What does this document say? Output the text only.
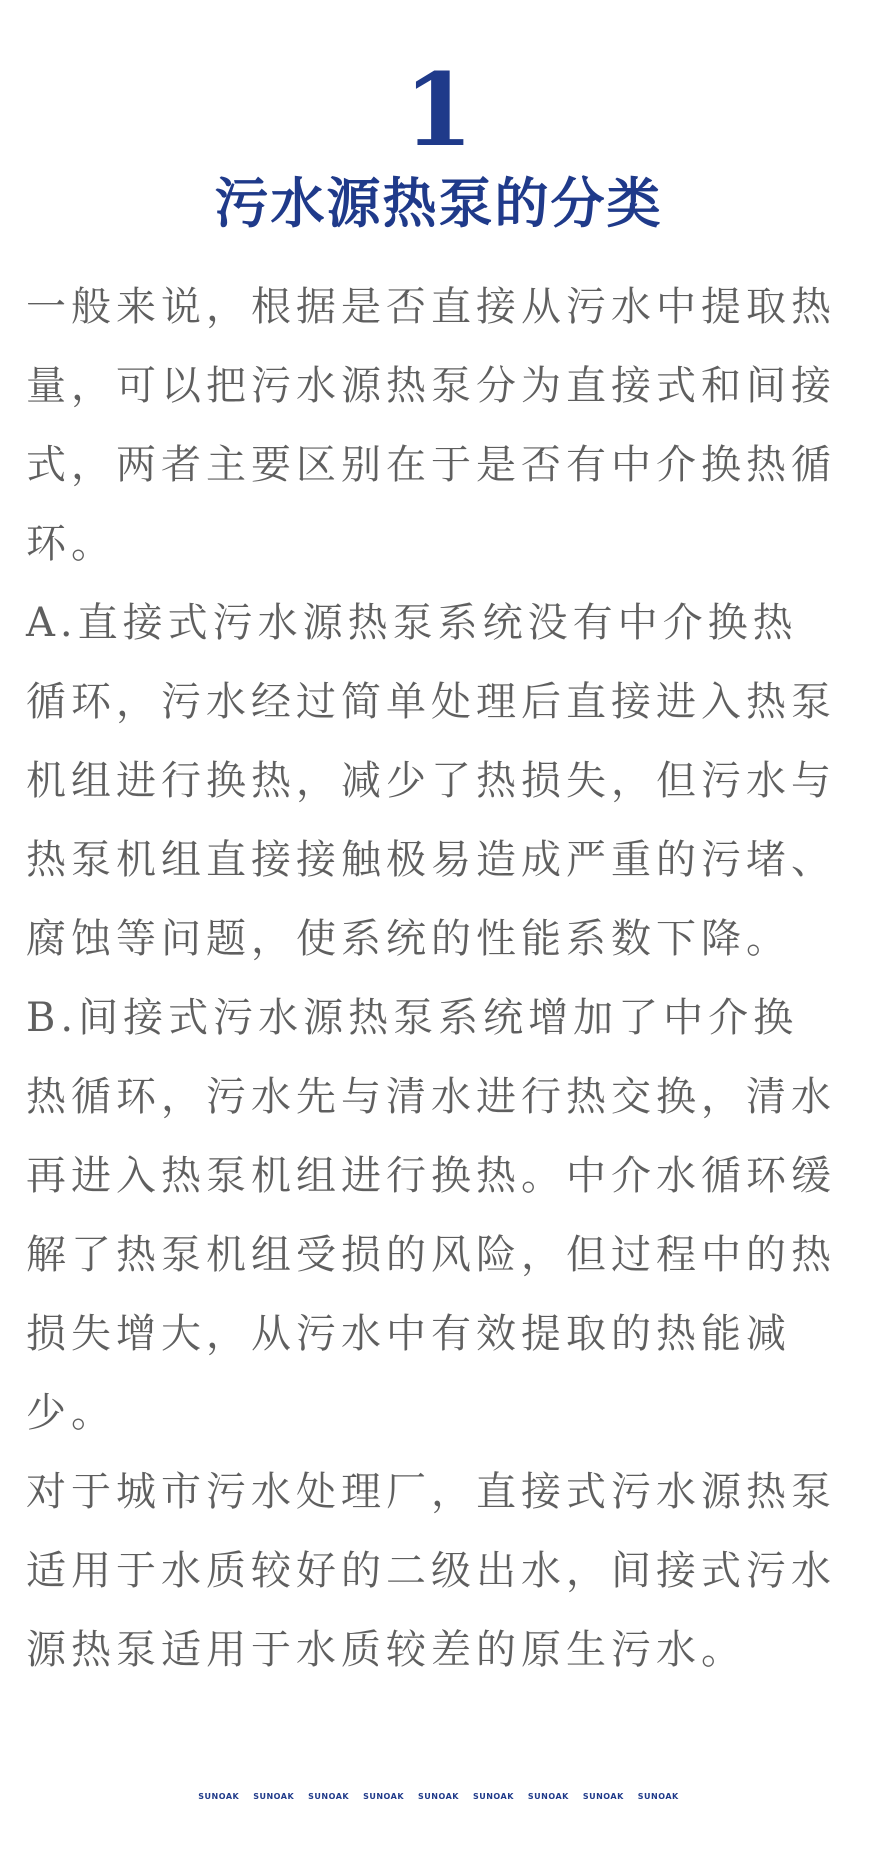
1
污水源热泵的分类

一般来说，根据是否直接从污水中提取热量，可以把污水源热泵分为直接式和间接式，两者主要区别在于是否有中介换热循环。

A.直接式污水源热泵系统没有中介换热 循环，污水经过简单处理后直接进入热泵机组进行换热，减少了热损失，但污水与热泵机组直接接触极易造成严重的污堵、腐蚀等问题，使系统的性能系数下降。

B.间接式污水源热泵系统增加了中介换 热循环，污水先与清水进行热交换，清水再进入热泵机组进行换热。中介水循环缓解了热泵机组受损的风险，但过程中的热损失增大，从污水中有效提取的热能减少。

对于城市污水处理厂，直接式污水源热泵适用于水质较好的二级出水，间接式污水源热泵适用于水质较差的原生污水。

SUNOAK SUNOAK SUNOAK SUNOAK SUNOAK SUNOAK SUNOAK SUNOAK SUNOAK
